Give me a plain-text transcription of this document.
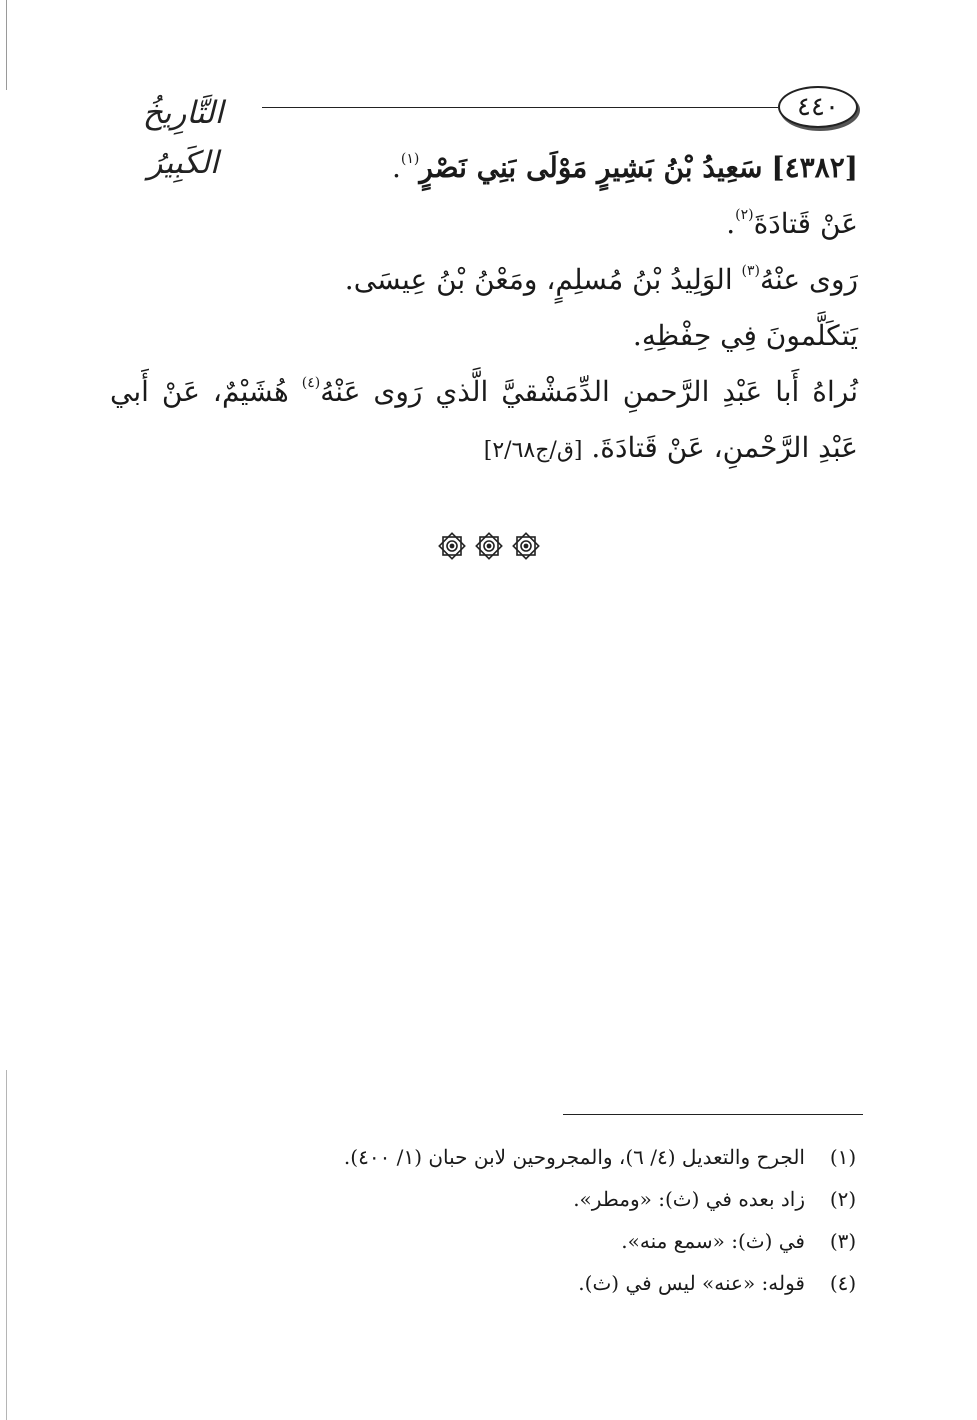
التَّارِيخُ الكَبِيرُ
٤٤٠

[٤٣٨٢] سَعِيدُ بْنُ بَشِيرٍ مَوْلَى بَنِي نَصْرٍ$^{(١)}$.

عَنْ قَتادَةَ$^{(٢)}$.

رَوى عنْهُ$^{(٣)}$ الوَلِيدُ بْنُ مُسلِمٍ، ومَعْنُ بْنُ عِيسَى.

يَتكَلَّمونَ فِي حِفْظِهِ.

نُراهُ أَبا عَبْدِ الرَّحمنِ الدِّمَشْقيَّ الَّذي رَوى عَنْهُ$^{(٤)}$ هُشَيْمٌ، عَنْ أَبي عَبْدِ الرَّحْمنِ، عَنْ قَتادَةَ. [ق/ج٢/٦٨]

(١)
الجرح والتعديل (٤/ ٦)، والمجروحين لابن حبان (١/ ٤٠٠).
(٢)
زاد بعده في (ث): «ومطر».
(٣)
في (ث): «سمع منه».
(٤)
قوله: «عنه» ليس في (ث).
